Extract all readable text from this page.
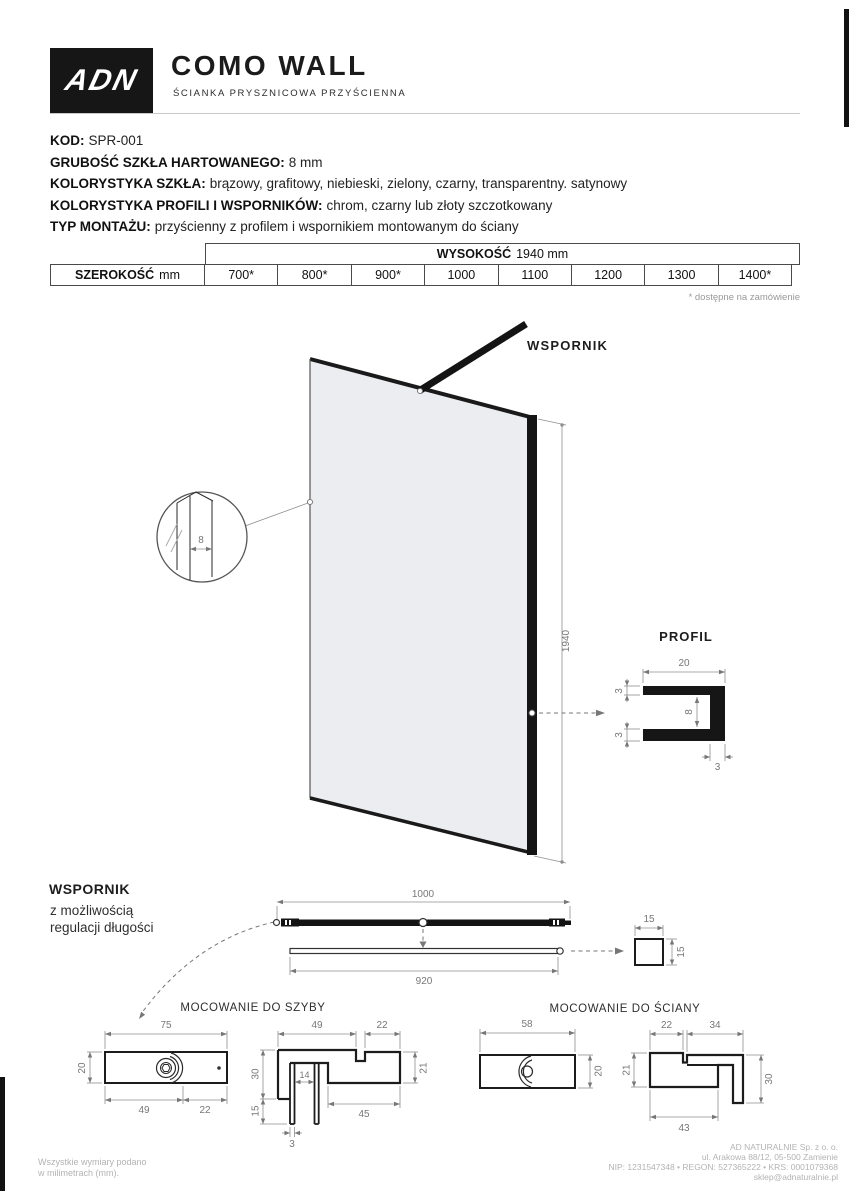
ADN COMO WALL
ŚCIANKA PRYSZNICOWA PRZYŚCIENNA
KOD: SPR-001
GRUBOŚĆ SZKŁA HARTOWANEGO: 8 mm
KOLORYSTYKA SZKŁA: brązowy, grafitowy, niebieski, zielony, czarny, transparentny. satynowy
KOLORYSTYKA PROFILI I WSPORNIKÓW: chrom, czarny lub złoty szczotkowany
TYP MONTAŻU: przyścienny z profilem i wspornikiem montowanym do ściany
WYSOKOŚĆ 1940 mm
SZEROKOŚĆ mm	700*	800*	900*	1000	1100	1200	1300	1400*
* dostępne na zamówienie
WSPORNIK
PROFIL
WSPORNIK
z możliwością
regulacji długości
MOCOWANIE DO SZYBY	MOCOWANIE DO ŚCIANY
1940
8
20
3
3
8
3
1000
920
15
15
75
20
49	22
49	22
30
15
14
21
45
3
58
20
22	34
21
30
43
Wszystkie wymiary podano
w milimetrach (mm).
AD NATURALNIE Sp. z o. o.
ul. Arakowa 88/12, 05-500 Zamienie
NIP: 1231547348 • REGON: 527365222 • KRS: 0001079368
sklep@adnaturalnie.pl
